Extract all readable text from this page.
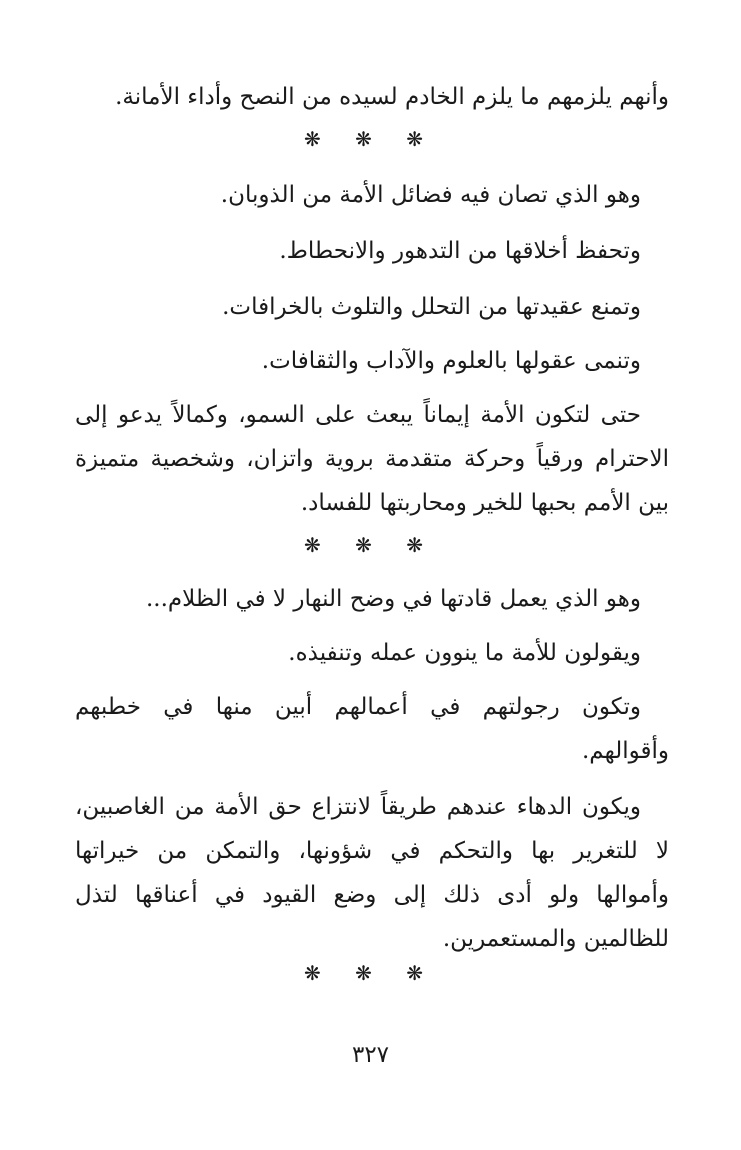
وأنهم يلزمهم ما يلزم الخادم لسيده من النصح وأداء الأمانة.
❋ ❋ ❋
وهو الذي تصان فيه فضائل الأمة من الذوبان.
وتحفظ أخلاقها من التدهور والانحطاط.
وتمنع عقيدتها من التحلل والتلوث بالخرافات.
وتنمى عقولها بالعلوم والآداب والثقافات.
حتى لتكون الأمة إيماناً يبعث على السمو، وكمالاً يدعو إلى
الاحترام ورقياً وحركة متقدمة بروية واتزان، وشخصية متميزة
بين الأمم بحبها للخير ومحاربتها للفساد.
❋ ❋ ❋
وهو الذي يعمل قادتها في وضح النهار لا في الظلام...
ويقولون للأمة ما ينوون عمله وتنفيذه.
وتكون رجولتهم في أعمالهم أبين منها في خطبهم
وأقوالهم.
ويكون الدهاء عندهم طريقاً لانتزاع حق الأمة من الغاصبين،
لا للتغرير بها والتحكم في شؤونها، والتمكن من خيراتها
وأموالها ولو أدى ذلك إلى وضع القيود في أعناقها لتذل
للظالمين والمستعمرين.
❋ ❋ ❋
٣٢٧
